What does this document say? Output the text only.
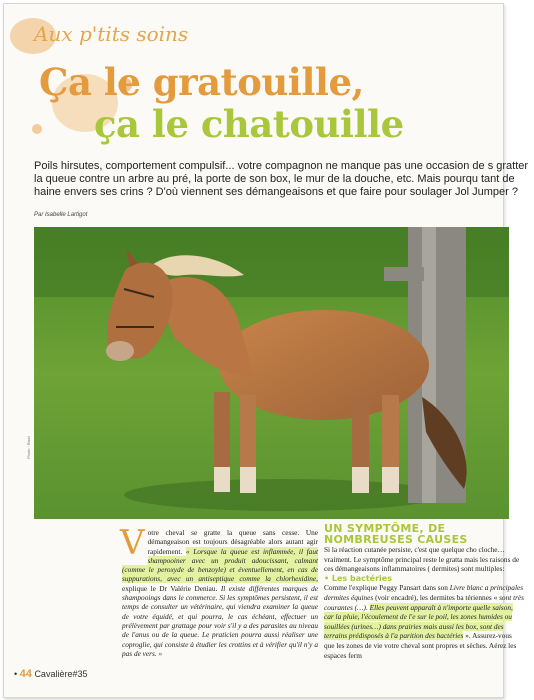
Aux p'tits soins
Ça le gratouille,
ça le chatouille
Poils hirsutes, comportement compulsif... votre compagnon ne manque pas une occasion de s gratter la queue contre un arbre au pré, la porte de son box, le mur de la douche, etc. Mais pourqu tant de haine envers ses crins ? D'où viennent ses démangeaisons et que faire pour soulager Jol Jumper ?
Par Isabelle Lartigot
Photo : Rixel
Votre cheval se gratte la queue sans cesse. Une démangeaison est toujours désagréable alors autant agir rapidement. « Lorsque la queue est inflammée, il faut shampooiner avec un produit adoucissant, calmant (comme le peroxyde de benzoyle) et éventuellement, en cas de suppurations, avec un antiseptique comme la chlorhexidine, explique le Dr Valérie Deniau. Il existe différentes marques de shampooings dans le commerce. Si les symptômes persistent, il est temps de consulter un vétérinaire, qui viendra examiner la queue de votre équidé, et qui pourra, le cas échéant, effectuer un prélèvement par grattage pour voir s'il y a des parasites au niveau de l'anus ou de la queue. Le praticien pourra aussi réaliser une coproglie, qui consiste à étudier les crottins et à vérifier qu'il n'y a pas de vers. »
UN SYMPTÔME, DE
NOMBREUSES CAUSES
Si la réaction cutanée persiste, c'est que quelque cho cloche… vraiment. Le symptôme principal reste le gratta mais les raisons de ces démangeaisons inflammatoires ( dermites) sont multiples:
• Les bactéries
Comme l'explique Peggy Pansart dans son Livre blanc a principales dermites équines (voir encadré), les dermites ba tériennes « sont très courantes (…). Elles peuvent apparaît à n'importe quelle saison, car la pluie, l'écoulement de l'e sur le poil, les zones humides ou souillées (urines…) dans prairies mais aussi les box, sont des terrains prédisposés à l'a parition des bactéries ». Assurez-vous que les zones de vie votre cheval sont propres et sèches. Aérez les espaces ferm
• 44 Cavalière#35
